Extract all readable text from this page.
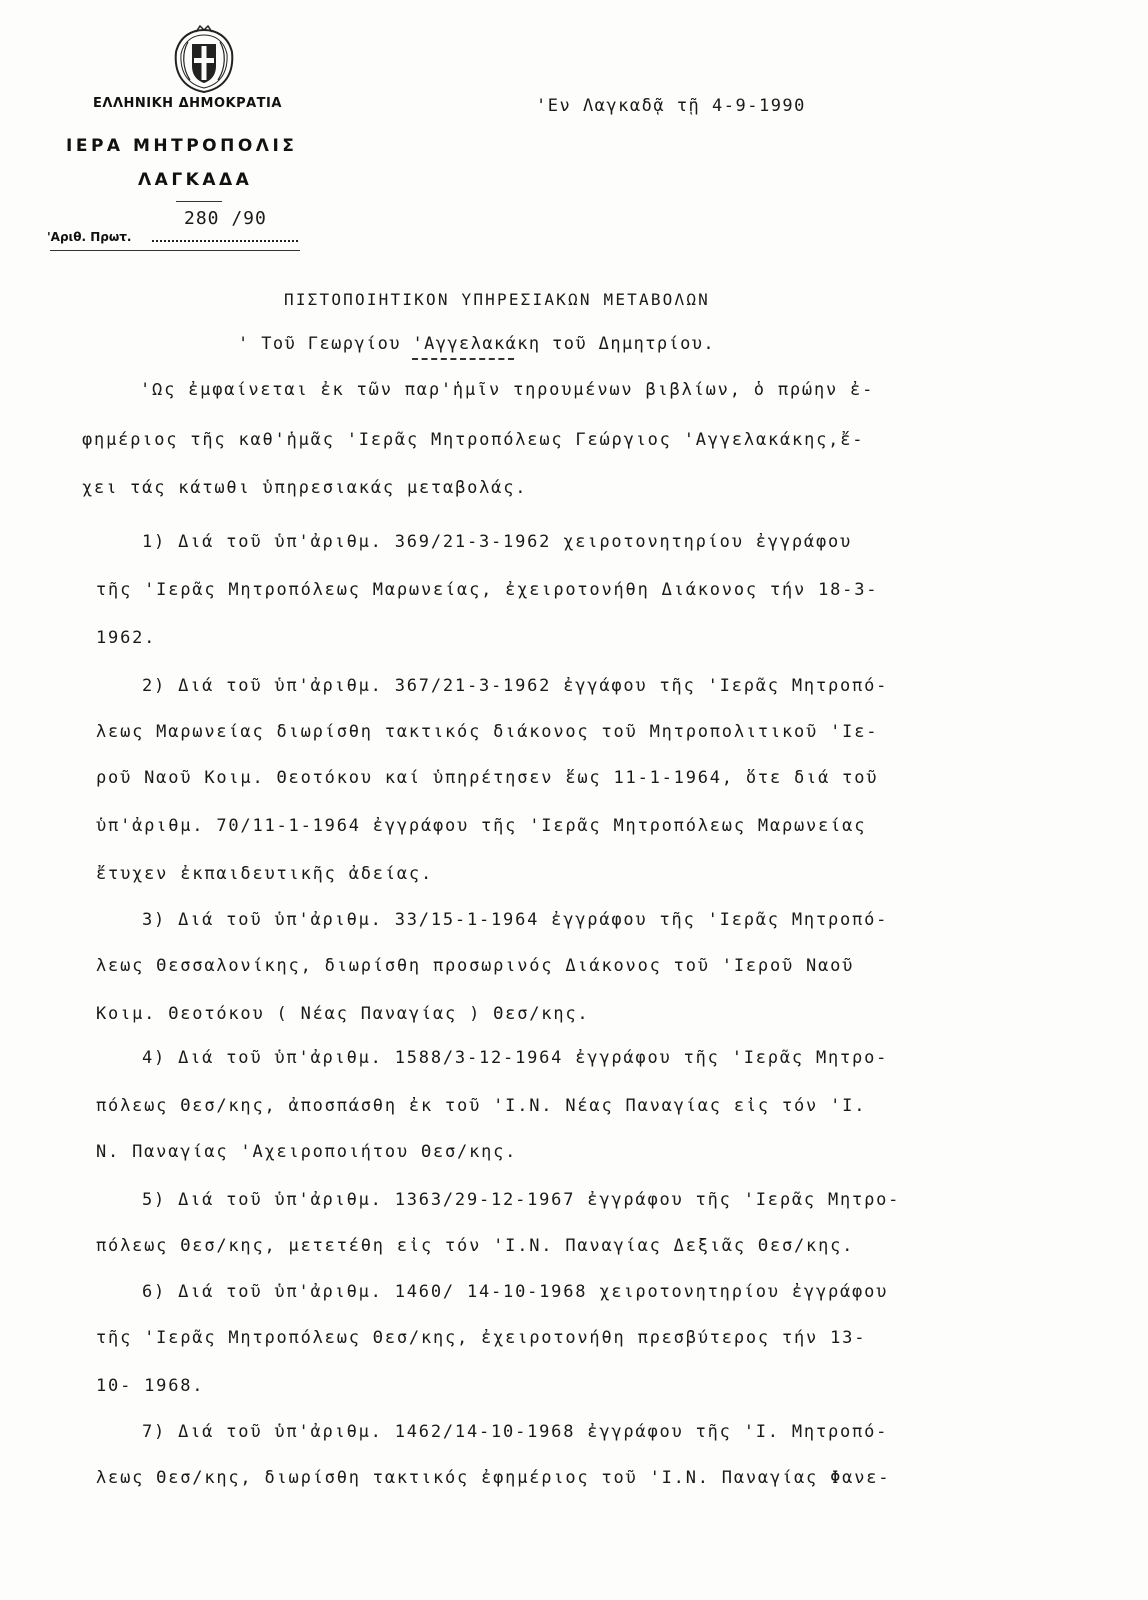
ΕΛΛΗΝΙΚΗ ΔΗΜΟΚΡΑΤΙΑ
ΙΕΡΑ ΜΗΤΡΟΠΟΛΙΣ
ΛΑΓΚΑΔΑ
280 /90
'Αριθ. Πρωτ.
'Εν Λαγκαδᾷ τῇ 4-9-1990
ΠΙΣΤΟΠΟΙΗΤΙΚΟΝ ΥΠΗΡΕΣΙΑΚΩΝ ΜΕΤΑΒΟΛΩΝ
' Τοῦ Γεωργίου 'Αγγελακάκη τοῦ Δημητρίου.
'Ως ἐμφαίνεται ἐκ τῶν παρ'ἡμῖν τηρουμένων βιβλίων, ὁ πρώην ἐ-
φημέριος τῆς καθ'ἡμᾶς 'Ιερᾶς Μητροπόλεως Γεώργιος 'Αγγελακάκης,ἔ-
χει τάς κάτωθι ὑπηρεσιακάς μεταβολάς.
1) Διά τοῦ ὑπ'ἀριθμ. 369/21-3-1962 χειροτονητηρίου ἐγγράφου
τῆς 'Ιερᾶς Μητροπόλεως Μαρωνείας, ἐχειροτονήθη Διάκονος τήν 18-3-
1962.
2) Διά τοῦ ὑπ'ἀριθμ. 367/21-3-1962 ἐγγάφου τῆς 'Ιερᾶς Μητροπό-
λεως Μαρωνείας διωρίσθη τακτικός διάκονος τοῦ Μητροπολιτικοῦ 'Ιε-
ροῦ Ναοῦ Κοιμ. Θεοτόκου καί ὑπηρέτησεν ἕως 11-1-1964, ὅτε διά τοῦ
ὑπ'ἀριθμ. 70/11-1-1964 ἐγγράφου τῆς 'Ιερᾶς Μητροπόλεως Μαρωνείας
ἔτυχεν ἐκπαιδευτικῆς ἀδείας.
3) Διά τοῦ ὑπ'ἀριθμ. 33/15-1-1964 ἐγγράφου τῆς 'Ιερᾶς Μητροπό-
λεως Θεσσαλονίκης, διωρίσθη προσωρινός Διάκονος τοῦ 'Ιεροῦ Ναοῦ
Κοιμ. Θεοτόκου ( Νέας Παναγίας ) Θεσ/κης.
4) Διά τοῦ ὑπ'ἀριθμ. 1588/3-12-1964 ἐγγράφου τῆς 'Ιερᾶς Μητρο-
πόλεως Θεσ/κης, ἀποσπάσθη ἐκ τοῦ 'Ι.Ν. Νέας Παναγίας εἰς τόν 'Ι.
Ν. Παναγίας 'Αχειροποιήτου Θεσ/κης.
5) Διά τοῦ ὑπ'ἀριθμ. 1363/29-12-1967 ἐγγράφου τῆς 'Ιερᾶς Μητρο-
πόλεως Θεσ/κης, μετετέθη εἰς τόν 'Ι.Ν. Παναγίας Δεξιᾶς Θεσ/κης.
6) Διά τοῦ ὑπ'ἀριθμ. 1460/ 14-10-1968 χειροτονητηρίου ἐγγράφου
τῆς 'Ιερᾶς Μητροπόλεως Θεσ/κης, ἐχειροτονήθη πρεσβύτερος τήν 13-
10- 1968.
7) Διά τοῦ ὑπ'ἀριθμ. 1462/14-10-1968 ἐγγράφου τῆς 'Ι. Μητροπό-
λεως Θεσ/κης, διωρίσθη τακτικός ἐφημέριος τοῦ 'Ι.Ν. Παναγίας Φανε-
